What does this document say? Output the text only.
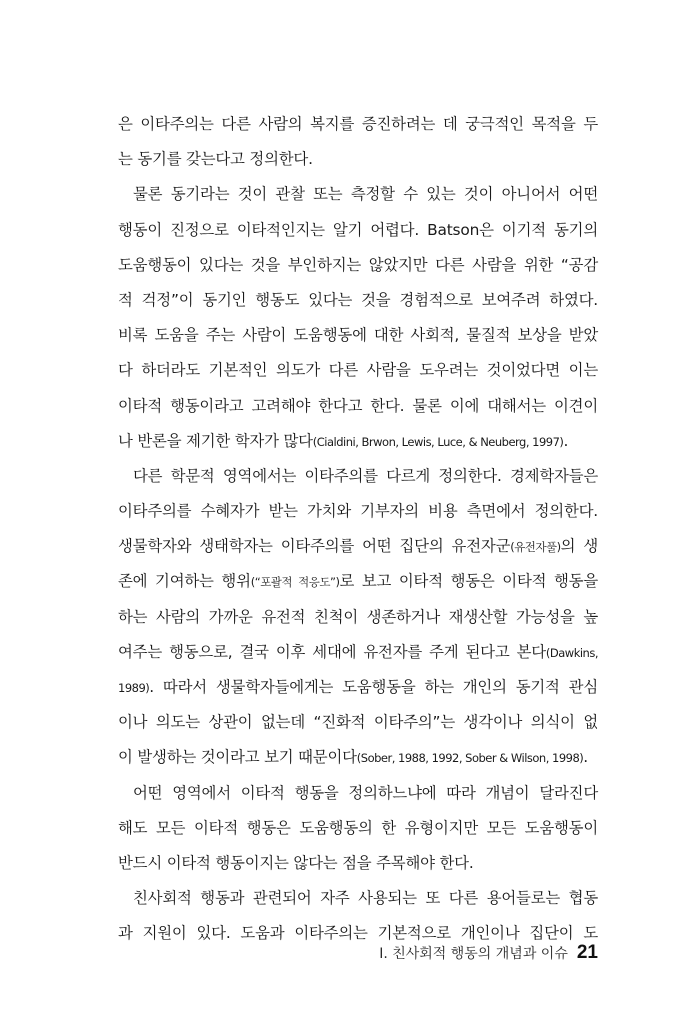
은 이타주의는 다른 사람의 복지를 증진하려는 데 궁극적인 목적을 두
는 동기를 갖는다고 정의한다.
물론 동기라는 것이 관찰 또는 측정할 수 있는 것이 아니어서 어떤
행동이 진정으로 이타적인지는 알기 어렵다. Batson은 이기적 동기의
도움행동이 있다는 것을 부인하지는 않았지만 다른 사람을 위한 “공감
적 걱정”이 동기인 행동도 있다는 것을 경험적으로 보여주려 하였다.
비록 도움을 주는 사람이 도움행동에 대한 사회적, 물질적 보상을 받았
다 하더라도 기본적인 의도가 다른 사람을 도우려는 것이었다면 이는
이타적 행동이라고 고려해야 한다고 한다. 물론 이에 대해서는 이견이
나 반론을 제기한 학자가 많다(Cialdini, Brwon, Lewis, Luce, & Neuberg, 1997).
다른 학문적 영역에서는 이타주의를 다르게 정의한다. 경제학자들은
이타주의를 수혜자가 받는 가치와 기부자의 비용 측면에서 정의한다.
생물학자와 생태학자는 이타주의를 어떤 집단의 유전자군(유전자풀)의 생
존에 기여하는 행위(“포괄적 적응도”)로 보고 이타적 행동은 이타적 행동을
하는 사람의 가까운 유전적 친척이 생존하거나 재생산할 가능성을 높
여주는 행동으로, 결국 이후 세대에 유전자를 주게 된다고 본다(Dawkins,
1989). 따라서 생물학자들에게는 도움행동을 하는 개인의 동기적 관심
이나 의도는 상관이 없는데 “진화적 이타주의”는 생각이나 의식이 없
이 발생하는 것이라고 보기 때문이다(Sober, 1988, 1992, Sober & Wilson, 1998).
어떤 영역에서 이타적 행동을 정의하느냐에 따라 개념이 달라진다
해도 모든 이타적 행동은 도움행동의 한 유형이지만 모든 도움행동이
반드시 이타적 행동이지는 않다는 점을 주목해야 한다.
친사회적 행동과 관련되어 자주 사용되는 또 다른 용어들로는 협동
과 지원이 있다. 도움과 이타주의는 기본적으로 개인이나 집단이 도
I. 친사회적 행동의 개념과 이슈 21
